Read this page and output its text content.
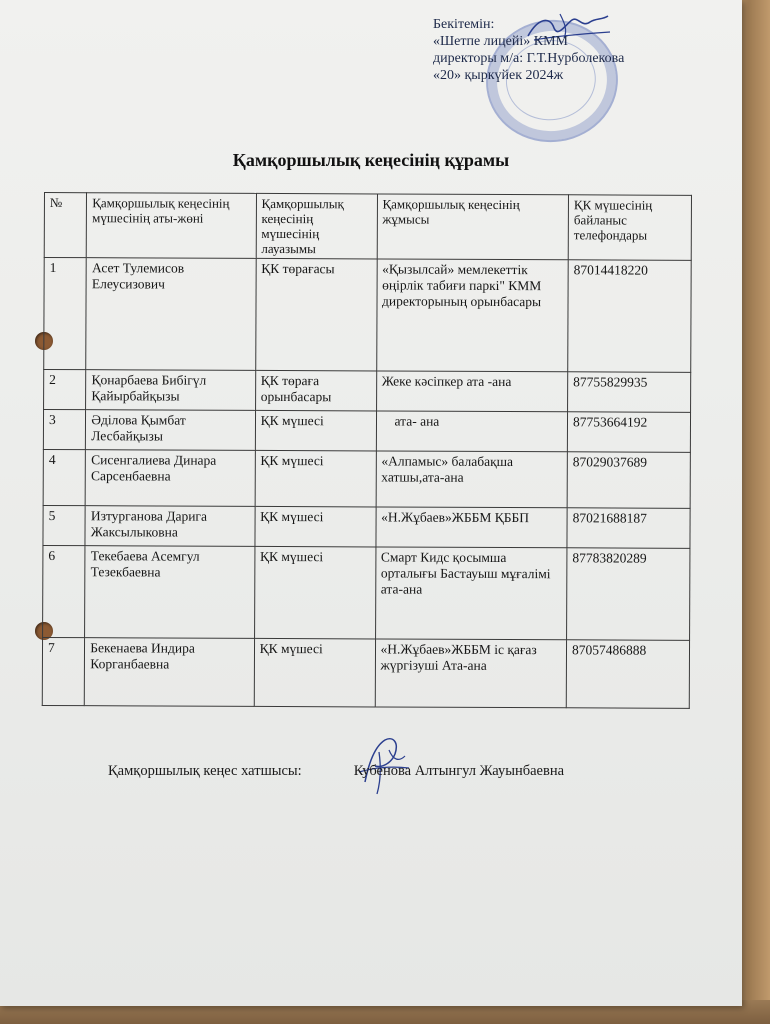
Бекітемін:
«Шетпе лицейі» КММ
директоры м/а: Г.Т.Нурболекова
«20» қыркүйек 2024ж
Қамқоршылық кеңесінің құрамы
№	Қамқоршылық кеңесінің мүшесінің аты-жөні	Қамқоршылық кеңесінің мүшесінің лауазымы	Қамқоршылық кеңесінің жұмысы	ҚК мүшесінің байланыс телефондары
1	Асет Тулемисов Елеусизович	ҚК төрағасы	«Қызылсай» мемлекеттік өңірлік табиғи паркі" КММ директорының орынбасары	87014418220
2	Қонарбаева Бибігүл Қайырбайқызы	ҚК төраға орынбасары	Жеке кәсіпкер ата -ана	87755829935
3	Әділова Қымбат Лесбайқызы	ҚК мүшесі	ата- ана	87753664192
4	Сисенгалиева Динара Сарсенбаевна	ҚК мүшесі	«Алпамыс» балабақша хатшы,ата-ана	87029037689
5	Изтурганова Дарига Жаксылыковна	ҚК мүшесі	«Н.Жұбаев»ЖББМ ҚББП	87021688187
6	Текебаева Асемгул Тезекбаевна	ҚК мүшесі	Смарт Кидс қосымша орталығы Бастауыш мұғалімі ата-ана	87783820289
7	Бекенаева Индира Корганбаевна	ҚК мүшесі	«Н.Жұбаев»ЖББМ іс қағаз жүргізуші Ата-ана	87057486888
Қамқоршылық кеңес хатшысы:	Кубенова Алтынгул Жауынбаевна
